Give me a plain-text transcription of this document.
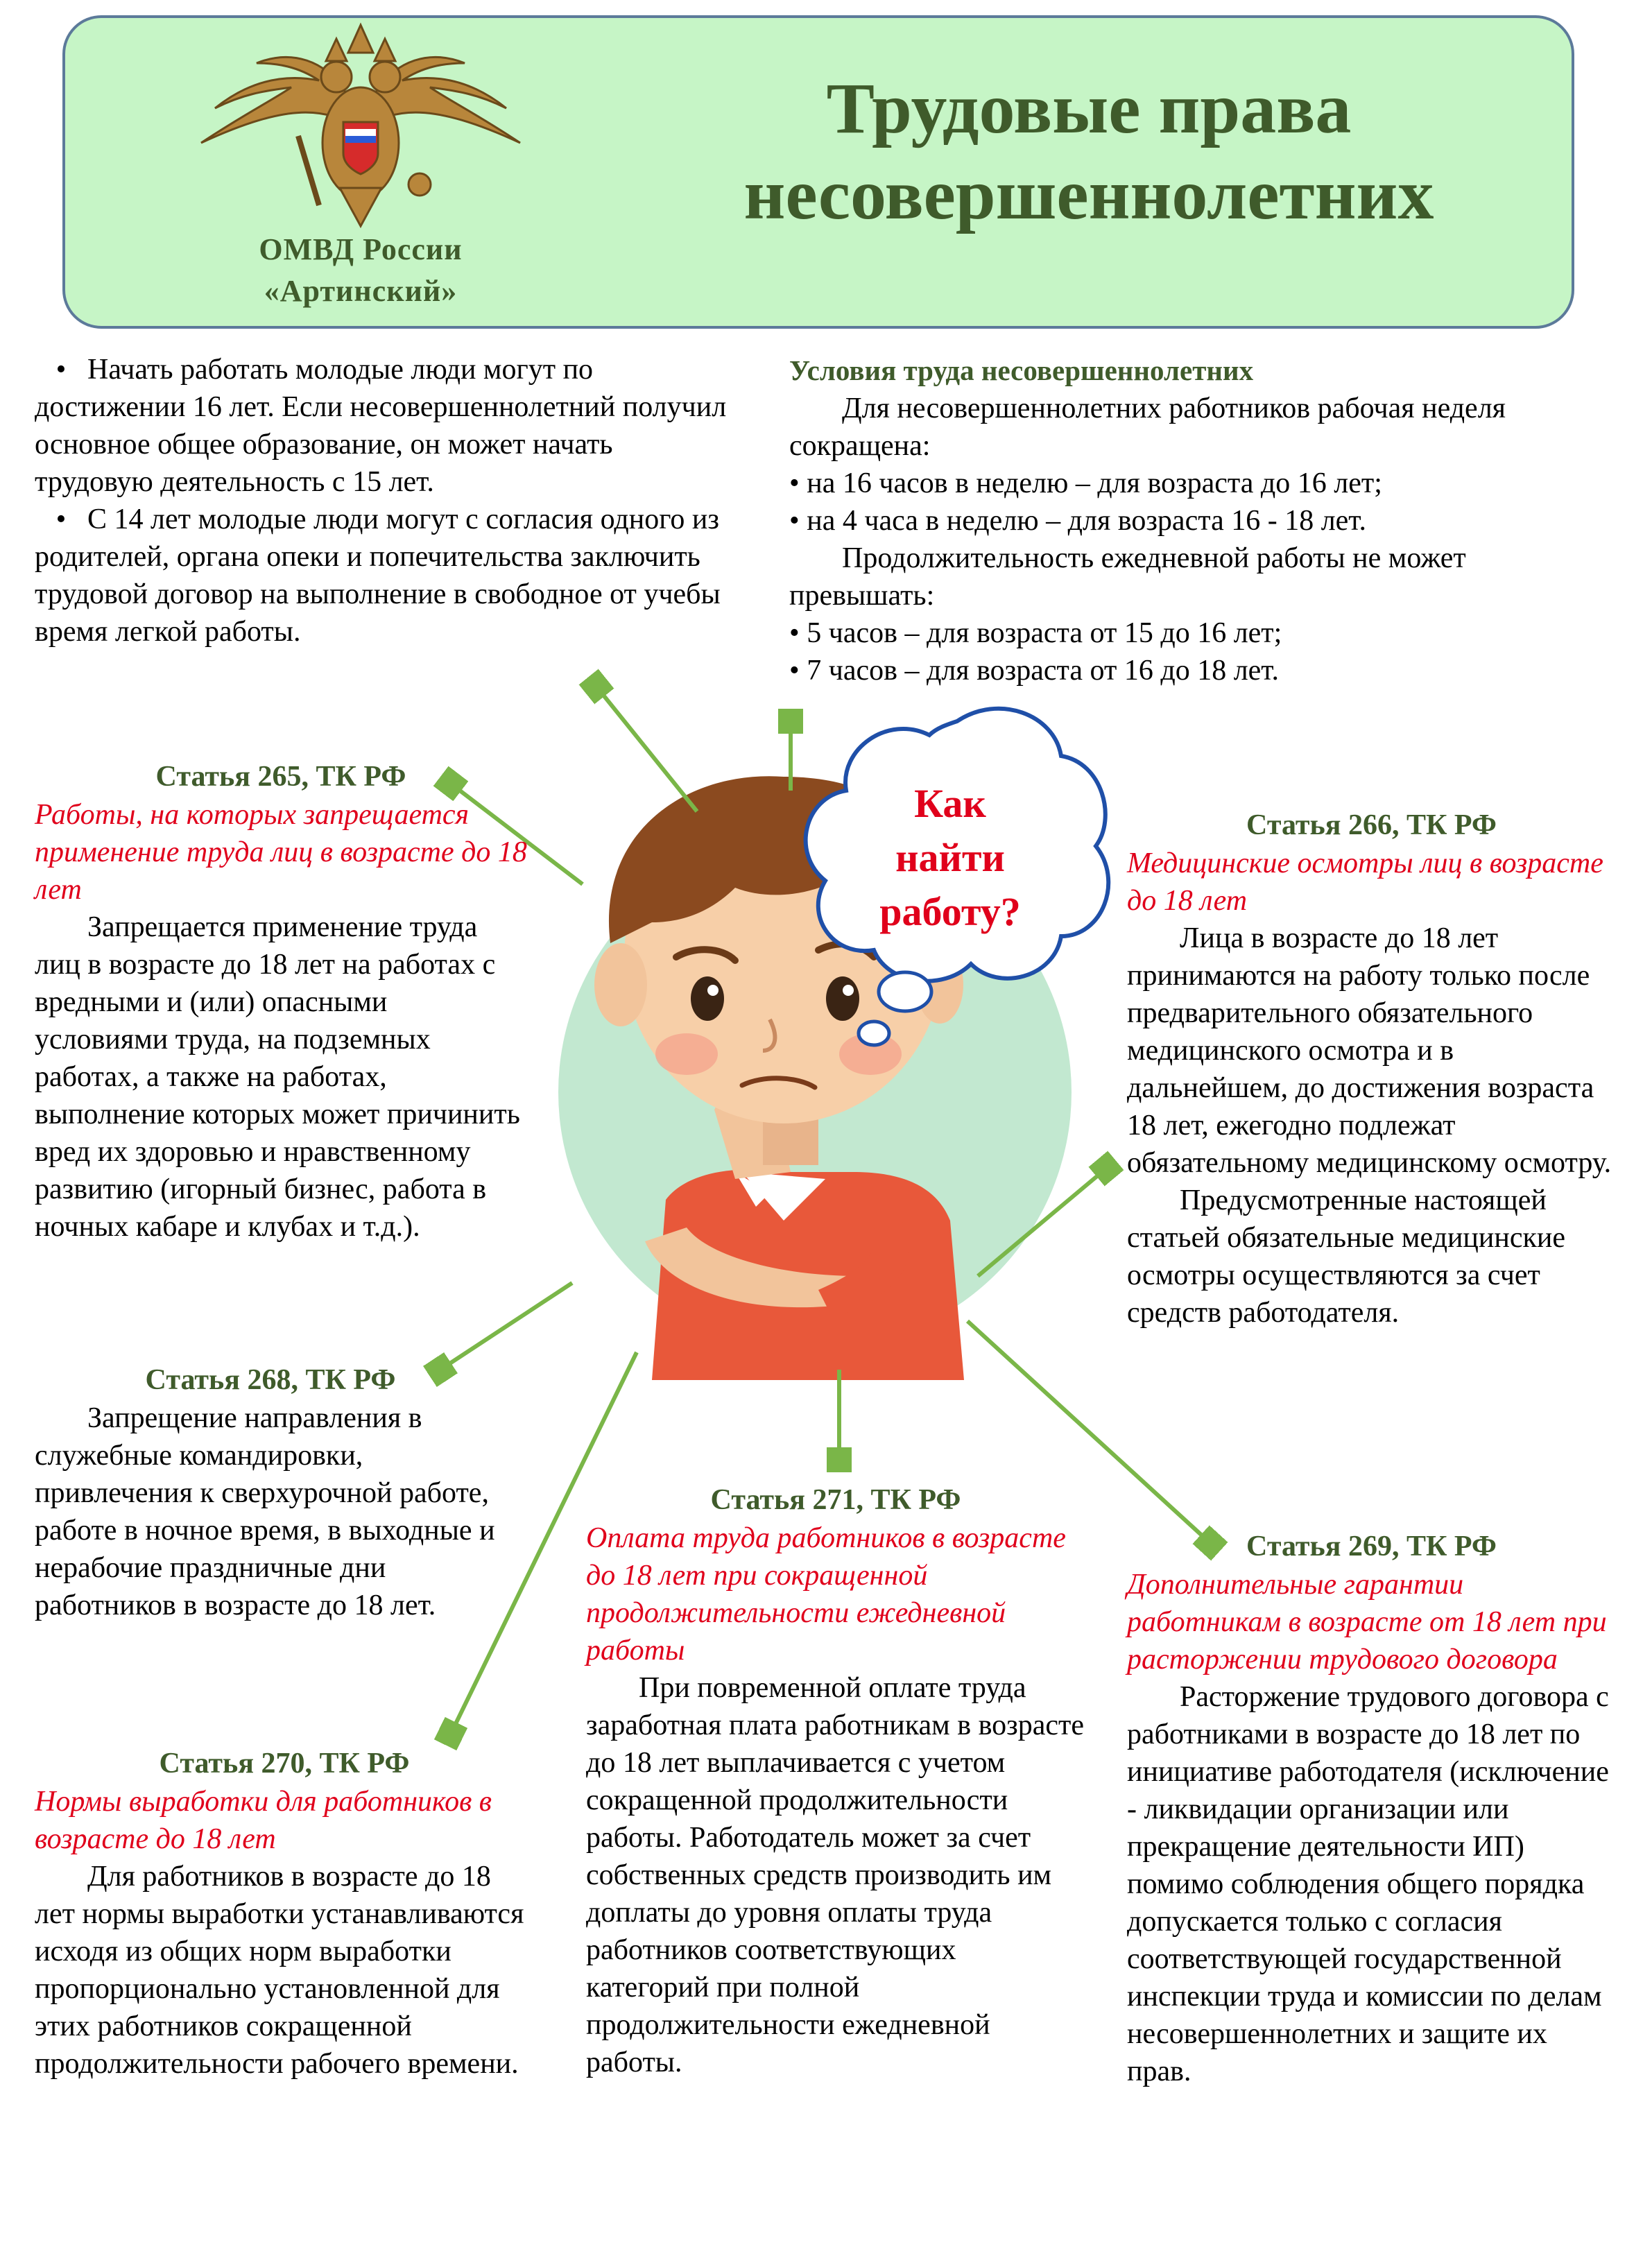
ОМВД России

«Артинский»

Трудовые права

несовершеннолетних

• Начать работать молодые люди могут по достижении 16 лет. Если несовершеннолетний получил основное общее образование, он может начать трудовую деятельность с 15 лет.

• С 14 лет молодые люди могут с согласия одного из родителей, органа опеки и попечительства заключить трудовой договор на выполнение в свободное от учебы время легкой работы.

Условия труда несовершеннолетних

Для несовершеннолетних работников рабочая неделя сокращена:

• на 16 часов в неделю – для возраста до 16 лет;

• на 4 часа в неделю – для возраста 16 - 18 лет.

Продолжительность ежедневной работы не может превышать:

• 5 часов – для возраста от 15 до 16 лет;

• 7 часов – для возраста от 16 до 18 лет.

Как

найти

работу?

Статья 265, ТК РФ

Работы, на которых запрещается применение труда лиц в возрасте до 18 лет

Запрещается применение труда лиц в возрасте до 18 лет на работах с вредными и (или) опасными условиями труда, на подземных работах, а также на работах, выполнение которых может причинить вред их здоровью и нравственному развитию (игорный бизнес, работа в ночных кабаре и клубах и т.д.).

Статья 266, ТК РФ

Медицинские осмотры лиц в возрасте до 18 лет

Лица в возрасте до 18 лет принимаются на работу только после предварительного обязательного медицинского осмотра и в дальнейшем, до достижения возраста 18 лет, ежегодно подлежат обязательному медицинскому осмотру.

Предусмотренные настоящей статьей обязательные медицинские осмотры осуществляются за счет средств работодателя.

Статья 268, ТК РФ

Запрещение направления в служебные командировки, привлечения к сверхурочной работе, работе в ночное время, в выходные и нерабочие праздничные дни работников в возрасте до 18 лет.

Статья 271, ТК РФ

Оплата труда работников в возрасте до 18 лет при сокращенной продолжительности ежедневной работы

При повременной оплате труда заработная плата работникам в возрасте до 18 лет выплачивается с учетом сокращенной продолжительности работы. Работодатель может за счет собственных средств производить им доплаты до уровня оплаты труда работников соответствующих категорий при полной продолжительности ежедневной работы.

Статья 269, ТК РФ

Дополнительные гарантии работникам в возрасте от 18 лет при расторжении трудового договора

Расторжение трудового договора с работниками в возрасте до 18 лет по инициативе работодателя (исключение - ликвидации организации или прекращение деятельности ИП) помимо соблюдения общего порядка допускается только с согласия соответствующей государственной инспекции труда и комиссии по делам несовершеннолетних и защите их прав.

Статья 270, ТК РФ

Нормы выработки для работников в возрасте до 18 лет

Для работников в возрасте до 18 лет нормы выработки устанавливаются исходя из общих норм выработки пропорционально установленной для этих работников сокращенной продолжительности рабочего времени.
